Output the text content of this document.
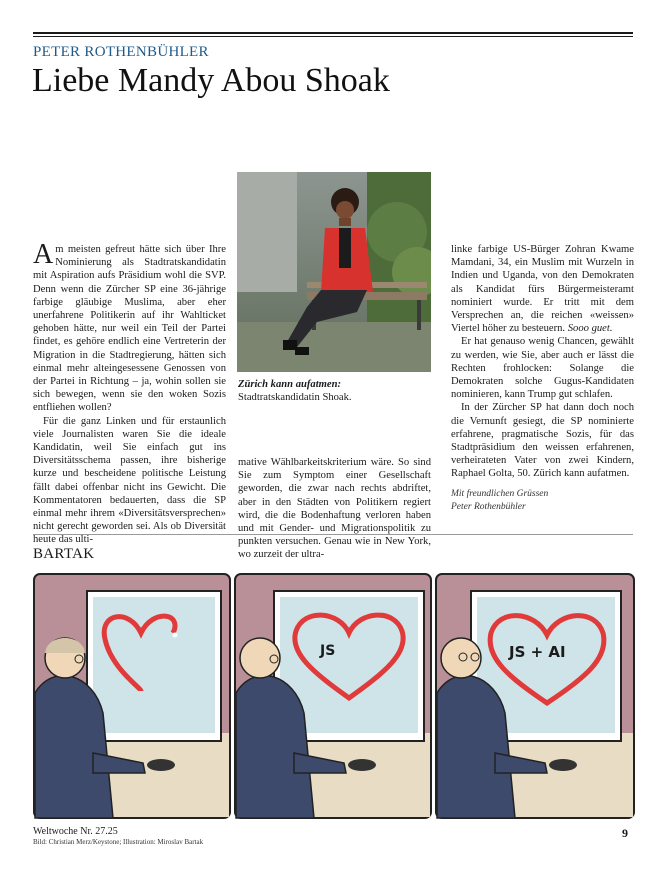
PETER ROTHENBÜHLER
Liebe Mandy Abou Shoak
Zürich kann aufatmen:
Stadtratskandidatin Shoak.

Am meisten gefreut hätte sich über Ihre Nominierung als Stadtratskandidatin mit Aspiration aufs Präsidium wohl die SVP. Denn wenn die Zürcher SP eine 36-jährige farbige gläubige Muslima, aber eher unerfahrene Politikerin auf ihr Wahlticket gehoben hätte, nur weil ein Teil der Partei findet, es gehöre endlich eine Vertreterin der Migration in die Stadtregierung, hätten sich einmal mehr alteingesessene Genossen von der Partei in Richtung – ja, wohin sollen sie sich bewegen, wenn sie den woken Sozis entfliehen wollen?

Für die ganz Linken und für erstaunlich viele Journalisten waren Sie die ideale Kandidatin, weil Sie einfach gut ins Diversitätsschema passen, ihre bisherige kurze und bescheidene politische Leistung fällt dabei offenbar nicht ins Gewicht. Die Kommentatoren bedauerten, dass die SP einmal mehr ihrem «Diversitätsversprechen» nicht gerecht geworden sei. Als ob Diversität heute das ulti-

mative Wählbarkeitskriterium wäre. So sind Sie zum Symptom einer Gesellschaft geworden, die zwar nach rechts abdriftet, aber in den Städten von Politikern regiert wird, die die Bodenhaftung verloren haben und mit Gender- und Migrationspolitik zu punkten versuchen. Genau wie in New York, wo zurzeit der ultra-

linke farbige US-Bürger Zohran Kwame Mamdani, 34, ein Muslim mit Wurzeln in Indien und Uganda, von den Demokraten als Kandidat fürs Bürgermeisteramt nominiert wurde. Er tritt mit dem Versprechen an, die reichen «weissen» Viertel höher zu besteuern. Sooo guet.

Er hat genauso wenig Chancen, gewählt zu werden, wie Sie, aber auch er lässt die Rechten frohlocken: Solange die Demokraten solche Gugus-Kandidaten nominieren, kann Trump gut schlafen.

In der Zürcher SP hat dann doch noch die Vernunft gesiegt, die SP nominierte erfahrene, pragmatische Sozis, für das Stadtpräsidium den weissen erfahrenen, verheirateten Vater von zwei Kindern, Raphael Golta, 50. Zürich kann aufatmen.

Mit freundlichen Grüssen
Peter Rothenbühler
BARTAK
JS	JS + AI
Weltwoche Nr. 27.25
Bild: Christian Merz/Keystone; Illustration: Miroslav Bartak
9
